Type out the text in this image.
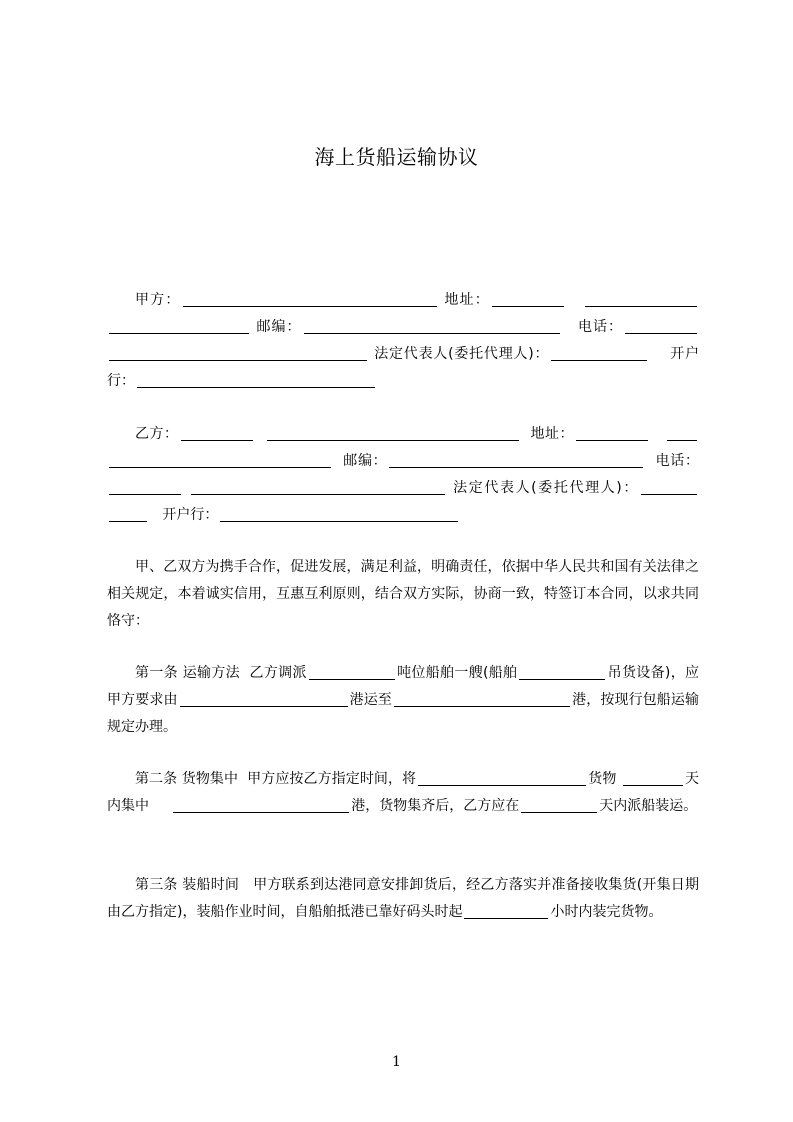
海上货船运输协议

甲方：	地址：    邮编：	电话： 法定代表人(委托代理人)：	开户行：

乙方：	地址：     邮编：	电话：  法定代表人(委托代理人)：   开户行：

甲、乙双方为携手合作，促进发展，满足利益，明确责任，依据中华人民共和国有关法律之相关规定，本着诚实信用，互惠互利原则，结合双方实际，协商一致，特签订本合同，以求共同恪守：

第一条 运输方法 乙方调派	吨位船舶一艘(船舶	吊货设备)，应甲方要求由	港运至	港，按现行包船运输规定办理。

第二条 货物集中 甲方应按乙方指定时间，将	货物	天内集中	港，货物集齐后，乙方应在	天内派船装运。

第三条 装船时间 甲方联系到达港同意安排卸货后，经乙方落实并准备接收集货(开集日期由乙方指定)，装船作业时间，自船舶抵港已靠好码头时起	小时内装完货物。

1
